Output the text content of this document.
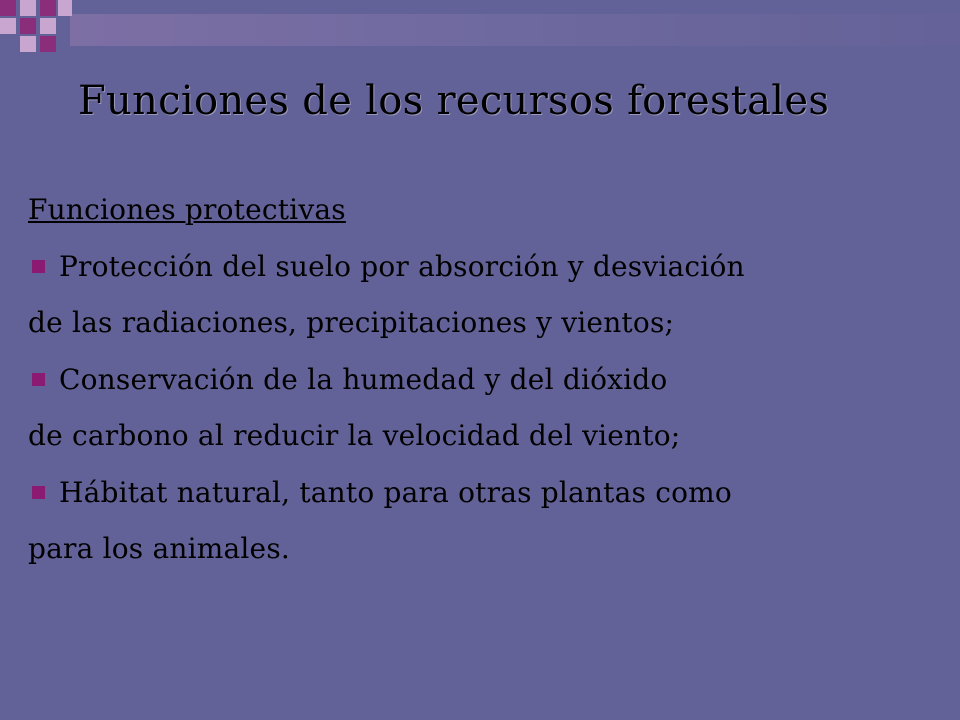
Funciones de los recursos forestales
Funciones protectivas
Protección del suelo por absorción y desviación
de las radiaciones, precipitaciones y vientos;
Conservación de la humedad y del dióxido
de carbono al reducir la velocidad del viento;
Hábitat natural, tanto para otras plantas como
para los animales.
